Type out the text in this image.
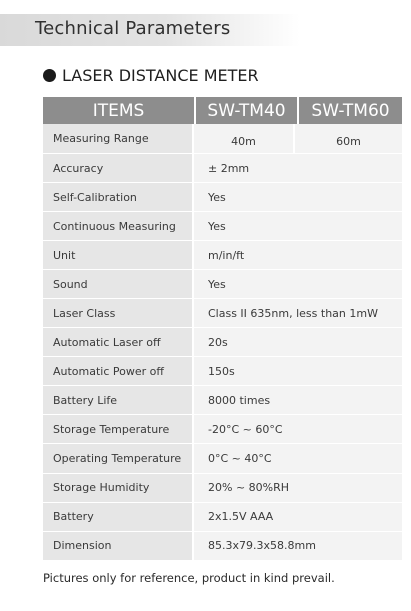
Technical Parameters
LASER DISTANCE METER
ITEMS	SW-TM40	SW-TM60
Measuring Range	40m	60m
Accuracy	± 2mm
Self-Calibration	Yes
Continuous Measuring	Yes
Unit	m/in/ft
Sound	Yes
Laser Class	Class II 635nm, less than 1mW
Automatic Laser off	20s
Automatic Power off	150s
Battery Life	8000 times
Storage Temperature	-20°C ~ 60°C
Operating Temperature	0°C ~ 40°C
Storage Humidity	20% ~ 80%RH
Battery	2x1.5V AAA
Dimension	85.3x79.3x58.8mm
Pictures only for reference, product in kind prevail.
